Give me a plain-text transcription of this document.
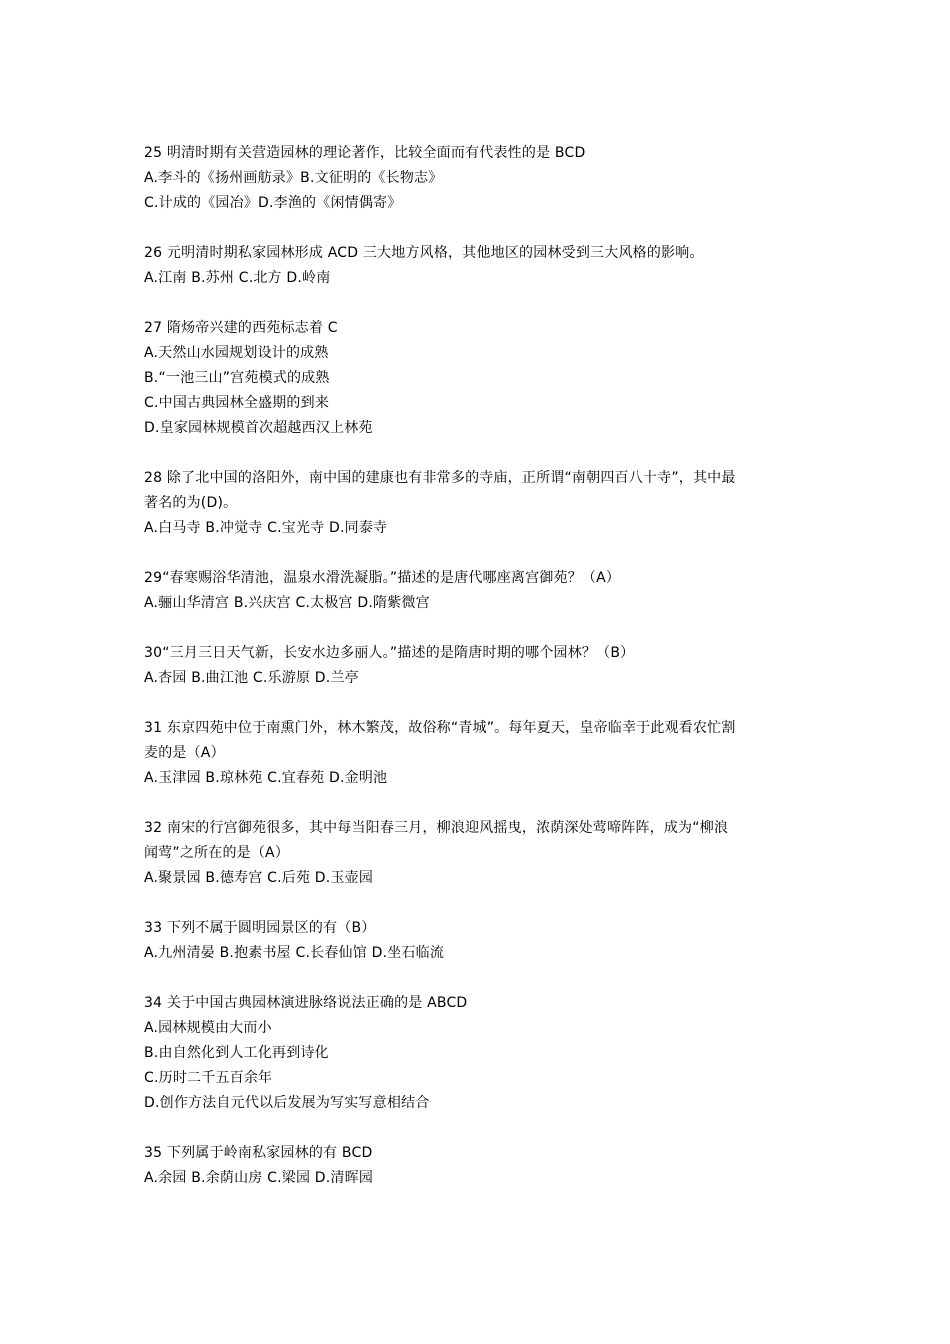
25 明清时期有关营造园林的理论著作，比较全面而有代表性的是 BCD
A.李斗的《扬州画舫录》B.文征明的《长物志》
C.计成的《园冶》D.李渔的《闲情偶寄》
26 元明清时期私家园林形成 ACD 三大地方风格，其他地区的园林受到三大风格的影响。
A.江南 B.苏州 C.北方 D.岭南
27 隋炀帝兴建的西苑标志着 C
A.天然山水园规划设计的成熟
B.“一池三山”宫苑模式的成熟
C.中国古典园林全盛期的到来
D.皇家园林规模首次超越西汉上林苑
28 除了北中国的洛阳外，南中国的建康也有非常多的寺庙，正所谓“南朝四百八十寺”，其中最
著名的为(D)。
A.白马寺 B.冲觉寺 C.宝光寺 D.同泰寺
29“春寒赐浴华清池，温泉水滑洗凝脂。”描述的是唐代哪座离宫御苑？（A）
A.骊山华清宫 B.兴庆宫 C.太极宫 D.隋紫微宫
30“三月三日天气新，长安水边多丽人。”描述的是隋唐时期的哪个园林？（B）
A.杏园 B.曲江池 C.乐游原 D.兰亭
31 东京四苑中位于南熏门外，林木繁茂，故俗称“青城”。每年夏天，皇帝临幸于此观看农忙割
麦的是（A）
A.玉津园 B.琼林苑 C.宜春苑 D.金明池
32 南宋的行宫御苑很多，其中每当阳春三月，柳浪迎风摇曳，浓荫深处莺啼阵阵，成为“柳浪
闻莺”之所在的是（A）
A.聚景园 B.德寿宫 C.后苑 D.玉壶园
33 下列不属于圆明园景区的有（B）
A.九州清晏 B.抱素书屋 C.长春仙馆 D.坐石临流
34 关于中国古典园林演进脉络说法正确的是 ABCD
A.园林规模由大而小
B.由自然化到人工化再到诗化
C.历时二千五百余年
D.创作方法自元代以后发展为写实写意相结合
35 下列属于岭南私家园林的有 BCD
A.余园 B.余荫山房 C.梁园 D.清晖园
